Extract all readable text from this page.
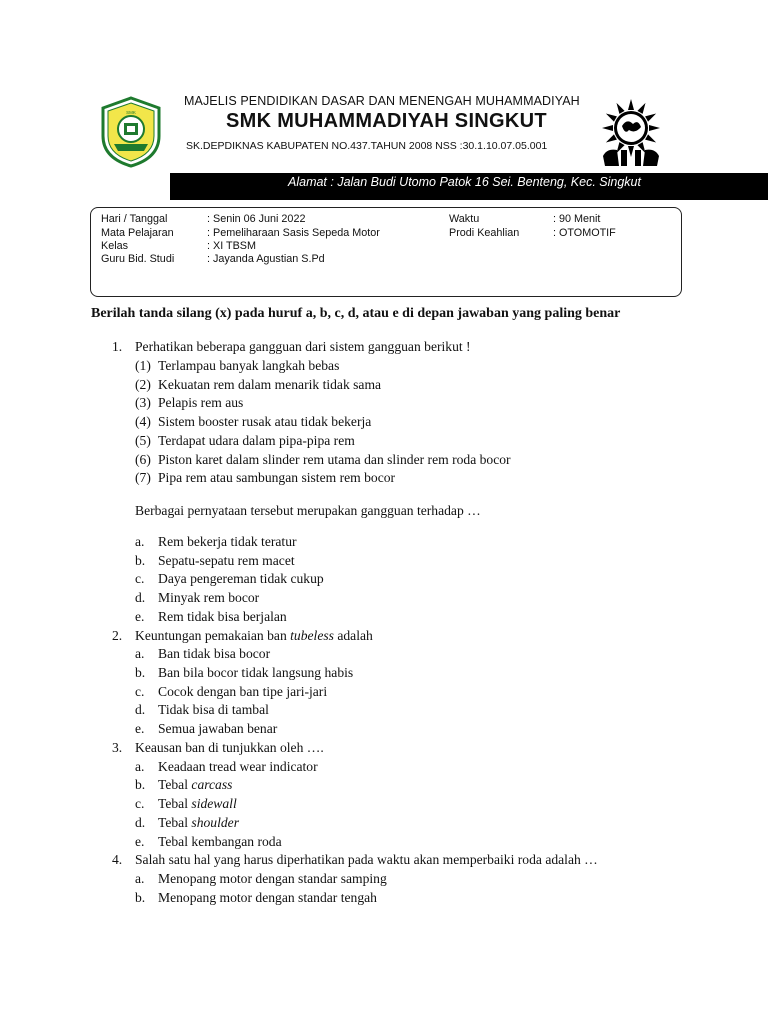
SMK
MAJELIS PENDIDIKAN DASAR DAN MENENGAH MUHAMMADIYAH
SMK MUHAMMADIYAH SINGKUT
SK.DEPDIKNAS KABUPATEN NO.437.TAHUN 2008 NSS :30.1.10.07.05.001
Alamat : Jalan Budi Utomo Patok 16 Sei. Benteng, Kec. Singkut
Hari / Tanggal	: Senin 06 Juni 2022	Waktu	: 90 Menit
Mata Pelajaran	: Pemeliharaan Sasis Sepeda Motor	Prodi Keahlian	: OTOMOTIF
Kelas	: XI TBSM
Guru Bid. Studi	: Jayanda Agustian S.Pd
Berilah tanda silang (x) pada huruf a, b, c, d, atau e di depan jawaban yang paling benar
1. Perhatikan beberapa gangguan dari sistem gangguan berikut !
(1) Terlampau banyak langkah bebas
(2) Kekuatan rem dalam menarik tidak sama
(3) Pelapis rem aus
(4) Sistem booster rusak atau tidak bekerja
(5) Terdapat udara dalam pipa-pipa rem
(6) Piston karet dalam slinder rem utama dan slinder rem roda bocor
(7) Pipa rem atau sambungan sistem rem bocor
Berbagai pernyataan tersebut merupakan gangguan terhadap …
a. Rem bekerja tidak teratur
b. Sepatu-sepatu rem macet
c. Daya pengereman tidak cukup
d. Minyak rem bocor
e. Rem tidak bisa berjalan
2. Keuntungan pemakaian ban tubeless adalah
a. Ban tidak bisa bocor
b. Ban bila bocor tidak langsung habis
c. Cocok dengan ban tipe jari-jari
d. Tidak bisa di tambal
e. Semua jawaban benar
3. Keausan ban di tunjukkan oleh ….
a. Keadaan tread wear indicator
b. Tebal carcass
c. Tebal sidewall
d. Tebal shoulder
e. Tebal kembangan roda
4. Salah satu hal yang harus diperhatikan pada waktu akan memperbaiki roda adalah …
a. Menopang motor dengan standar samping
b. Menopang motor dengan standar tengah
